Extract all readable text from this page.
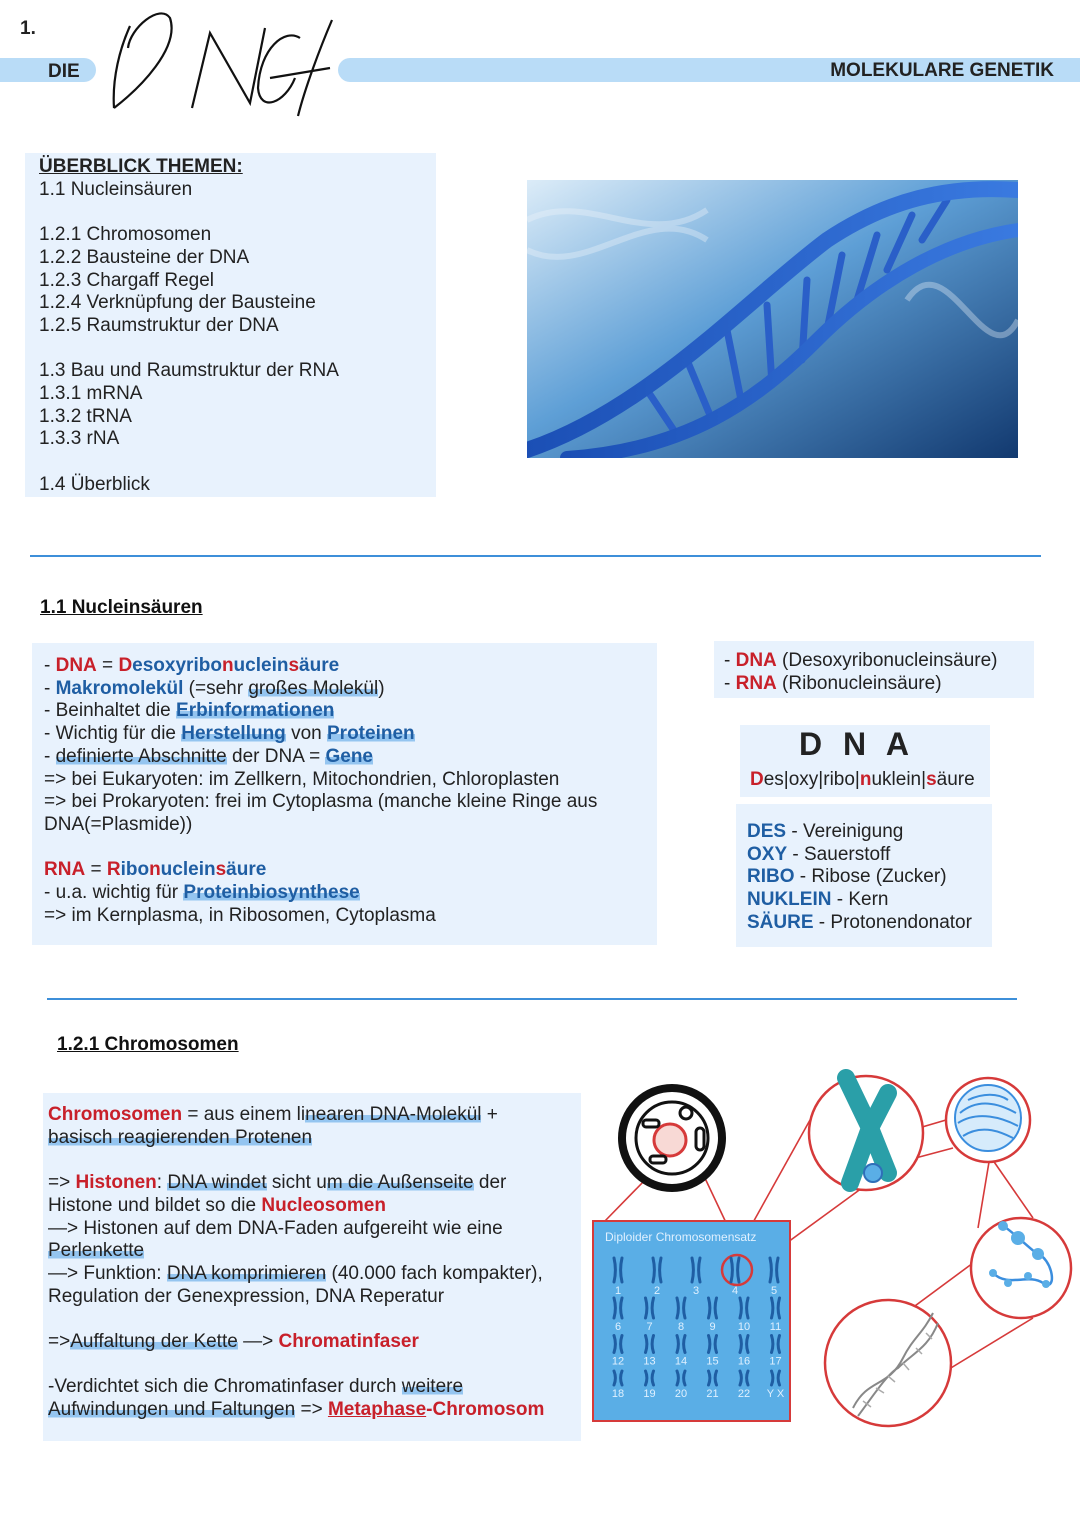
1.
DIE	MOLEKULARE GENETIK
ÜBERBLICK THEMEN:
1.1 Nucleinsäuren

1.2.1 Chromosomen
1.2.2 Bausteine der DNA
1.2.3 Chargaff Regel
1.2.4 Verknüpfung der Bausteine
1.2.5 Raumstruktur der DNA

1.3 Bau und Raumstruktur der RNA
1.3.1 mRNA
1.3.2 tRNA
1.3.3 rNA

1.4 Überblick
1.1 Nucleinsäuren
- DNA = Desoxyribonucleinsäure
- Makromolekül (=sehr großes Molekül)
- Beinhaltet die Erbinformationen
- Wichtig für die Herstellung von Proteinen
- definierte Abschnitte der DNA = Gene
=> bei Eukaryoten: im Zellkern, Mitochondrien, Chloroplasten
=> bei Prokaryoten: frei im Cytoplasma (manche kleine Ringe aus
DNA(=Plasmide))

RNA = Ribonucleinsäure
- u.a. wichtig für Proteinbiosynthese
=> im Kernplasma, in Ribosomen, Cytoplasma
- DNA (Desoxyribonucleinsäure)
- RNA (Ribonucleinsäure)
D N A
Des|oxy|ribo|nuklein|säure
DES - Vereinigung
OXY - Sauerstoff
RIBO - Ribose (Zucker)
NUKLEIN - Kern
SÄURE - Protonendonator
1.2.1 Chromosomen
Chromosomen = aus einem linearen DNA-Molekül +
basisch reagierenden Protenen

=> Histonen: DNA windet sicht um die Außenseite der
Histone und bildet so die Nucleosomen
—> Histonen auf dem DNA-Faden aufgereiht wie eine
Perlenkette
—> Funktion: DNA komprimieren (40.000 fach kompakter),
Regulation der Genexpression, DNA Reperatur

=>Auffaltung der Kette —> Chromatinfaser

-Verdichtet sich die Chromatinfaser durch weitere
Aufwindungen und Faltungen => Metaphase-Chromosom
Diploider Chromosomensatz
1	2	3	4	5
6 7 8 9 10 11
12 13 14 15 16 17
18 19 20 21 22 Y X
